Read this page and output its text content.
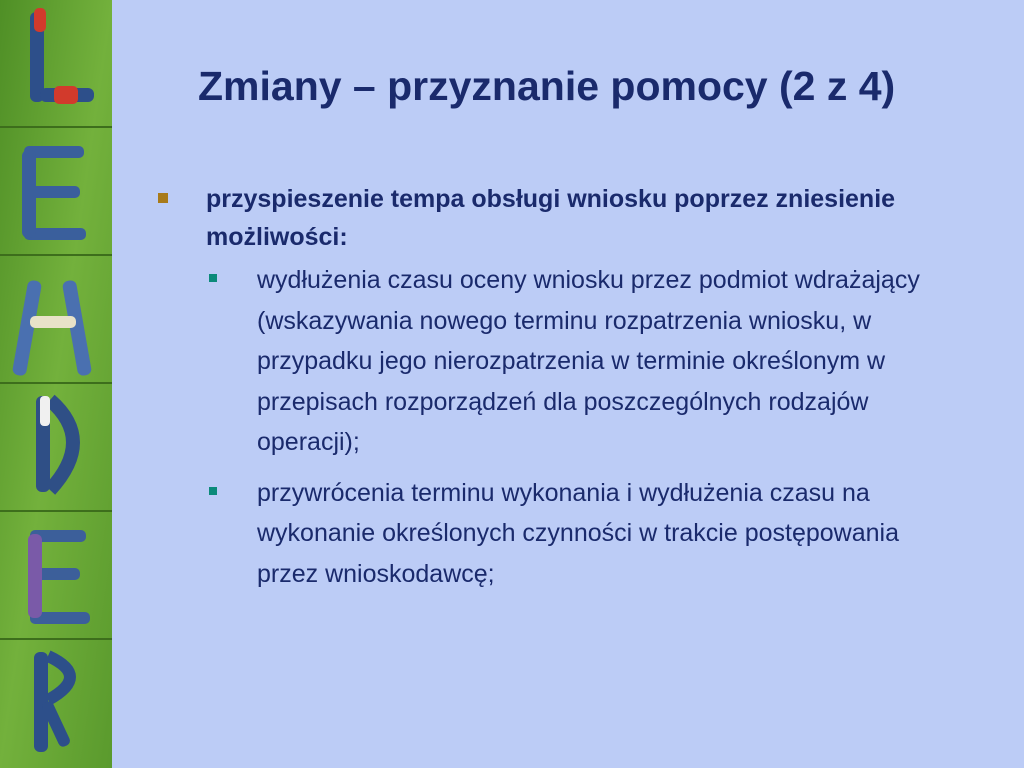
Zmiany – przyznanie pomocy (2 z 4)
przyspieszenie tempa obsługi wniosku poprzez zniesienie możliwości:
wydłużenia czasu oceny wniosku przez podmiot wdrażający (wskazywania nowego terminu rozpatrzenia wniosku, w przypadku jego nierozpatrzenia w terminie określonym w przepisach rozporządzeń dla poszczególnych rodzajów operacji);
przywrócenia terminu wykonania i wydłużenia czasu na wykonanie określonych czynności w trakcie postępowania przez wnioskodawcę;
